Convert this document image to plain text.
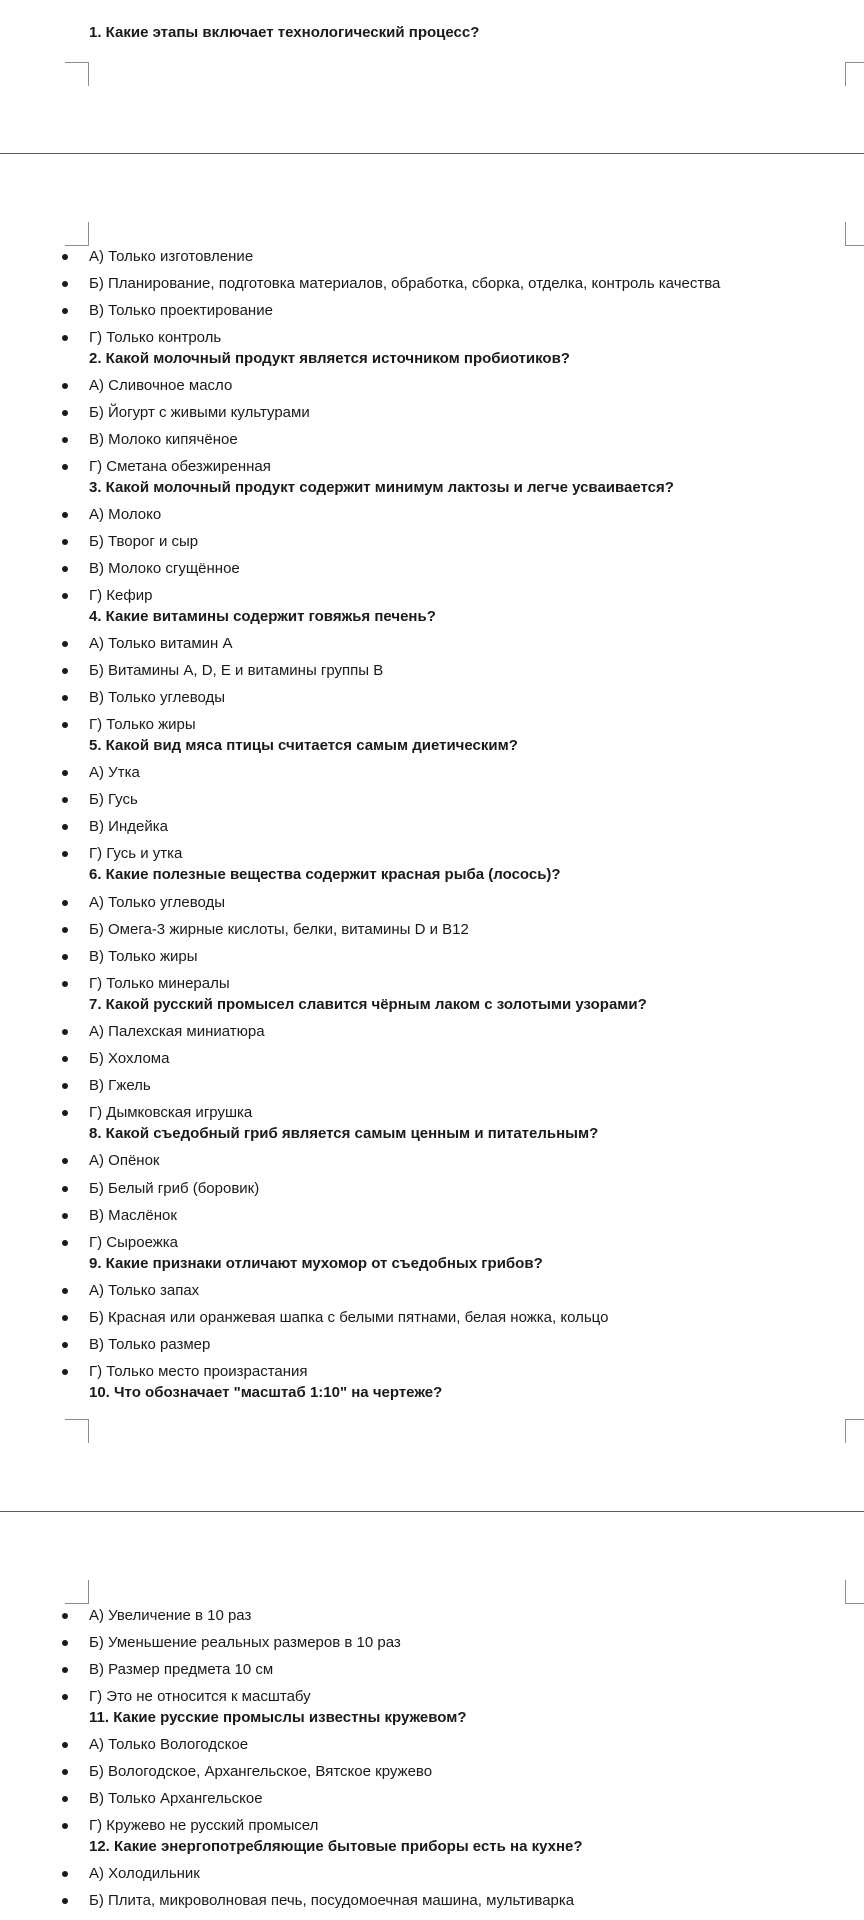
1. Какие этапы включает технологический процесс?
А) Только изготовление
Б) Планирование, подготовка материалов, обработка, сборка, отделка, контроль качества
В) Только проектирование
Г) Только контроль
2. Какой молочный продукт является источником пробиотиков?
А) Сливочное масло
Б) Йогурт с живыми культурами
В) Молоко кипячёное
Г) Сметана обезжиренная
3. Какой молочный продукт содержит минимум лактозы и легче усваивается?
А) Молоко
Б) Творог и сыр
В) Молоко сгущённое
Г) Кефир
4. Какие витамины содержит говяжья печень?
А) Только витамин А
Б) Витамины А, D, E и витамины группы B
В) Только углеводы
Г) Только жиры
5. Какой вид мяса птицы считается самым диетическим?
А) Утка
Б) Гусь
В) Индейка
Г) Гусь и утка
6. Какие полезные вещества содержит красная рыба (лосось)?
А) Только углеводы
Б) Омега-3 жирные кислоты, белки, витамины D и B12
В) Только жиры
Г) Только минералы
7. Какой русский промысел славится чёрным лаком с золотыми узорами?
А) Палехская миниатюра
Б) Хохлома
В) Гжель
Г) Дымковская игрушка
8. Какой съедобный гриб является самым ценным и питательным?
А) Опёнок
Б) Белый гриб (боровик)
В) Маслёнок
Г) Сыроежка
9. Какие признаки отличают мухомор от съедобных грибов?
А) Только запах
Б) Красная или оранжевая шапка с белыми пятнами, белая ножка, кольцо
В) Только размер
Г) Только место произрастания
10. Что обозначает "масштаб 1:10" на чертеже?
А) Увеличение в 10 раз
Б) Уменьшение реальных размеров в 10 раз
В) Размер предмета 10 см
Г) Это не относится к масштабу
11. Какие русские промыслы известны кружевом?
А) Только Вологодское
Б) Вологодское, Архангельское, Вятское кружево
В) Только Архангельское
Г) Кружево не русский промысел
12. Какие энергопотребляющие бытовые приборы есть на кухне?
А) Холодильник
Б) Плита, микроволновая печь, посудомоечная машина, мультиварка
